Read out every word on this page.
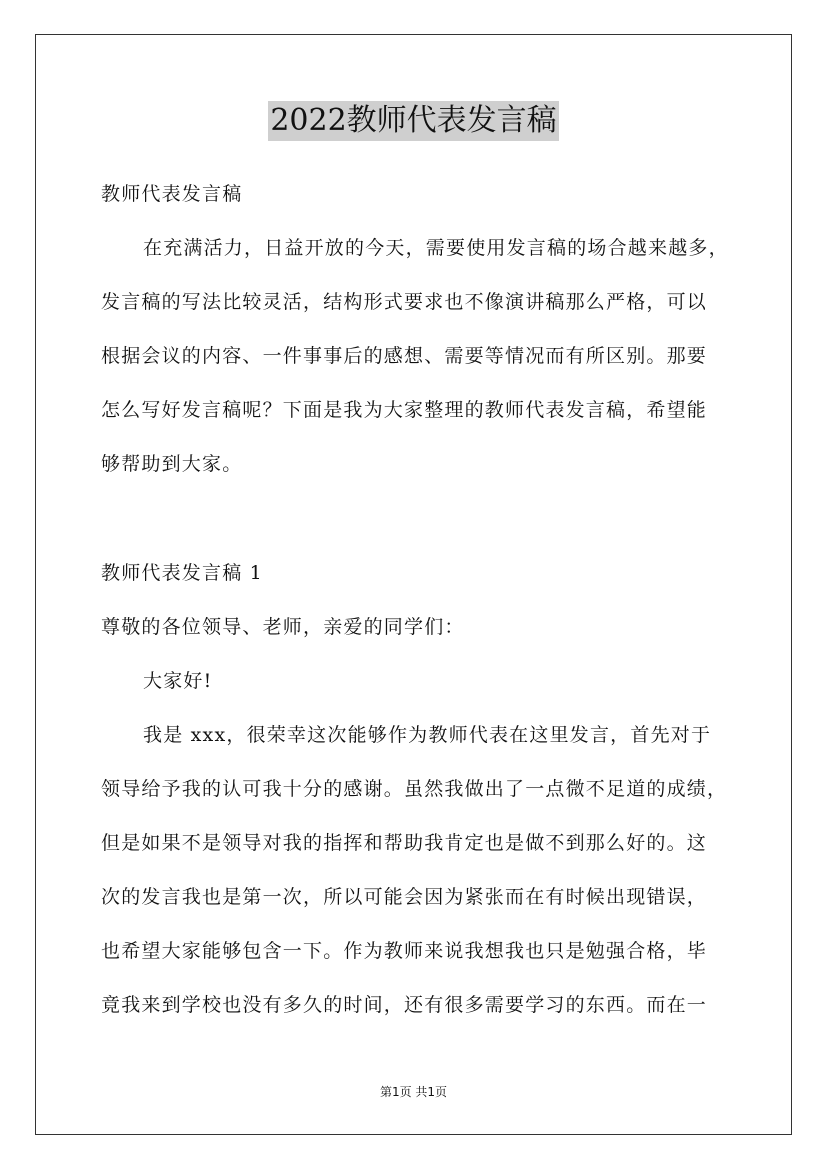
2022教师代表发言稿
教师代表发言稿
在充满活力，日益开放的今天，需要使用发言稿的场合越来越多，
发言稿的写法比较灵活，结构形式要求也不像演讲稿那么严格，可以
根据会议的内容、一件事事后的感想、需要等情况而有所区别。那要
怎么写好发言稿呢？下面是我为大家整理的教师代表发言稿，希望能
够帮助到大家。
教师代表发言稿 1
尊敬的各位领导、老师，亲爱的同学们：
大家好!
我是 xxx，很荣幸这次能够作为教师代表在这里发言，首先对于
领导给予我的认可我十分的感谢。虽然我做出了一点微不足道的成绩，
但是如果不是领导对我的指挥和帮助我肯定也是做不到那么好的。这
次的发言我也是第一次，所以可能会因为紧张而在有时候出现错误，
也希望大家能够包含一下。作为教师来说我想我也只是勉强合格，毕
竟我来到学校也没有多久的时间，还有很多需要学习的东西。而在一
第1页 共1页
